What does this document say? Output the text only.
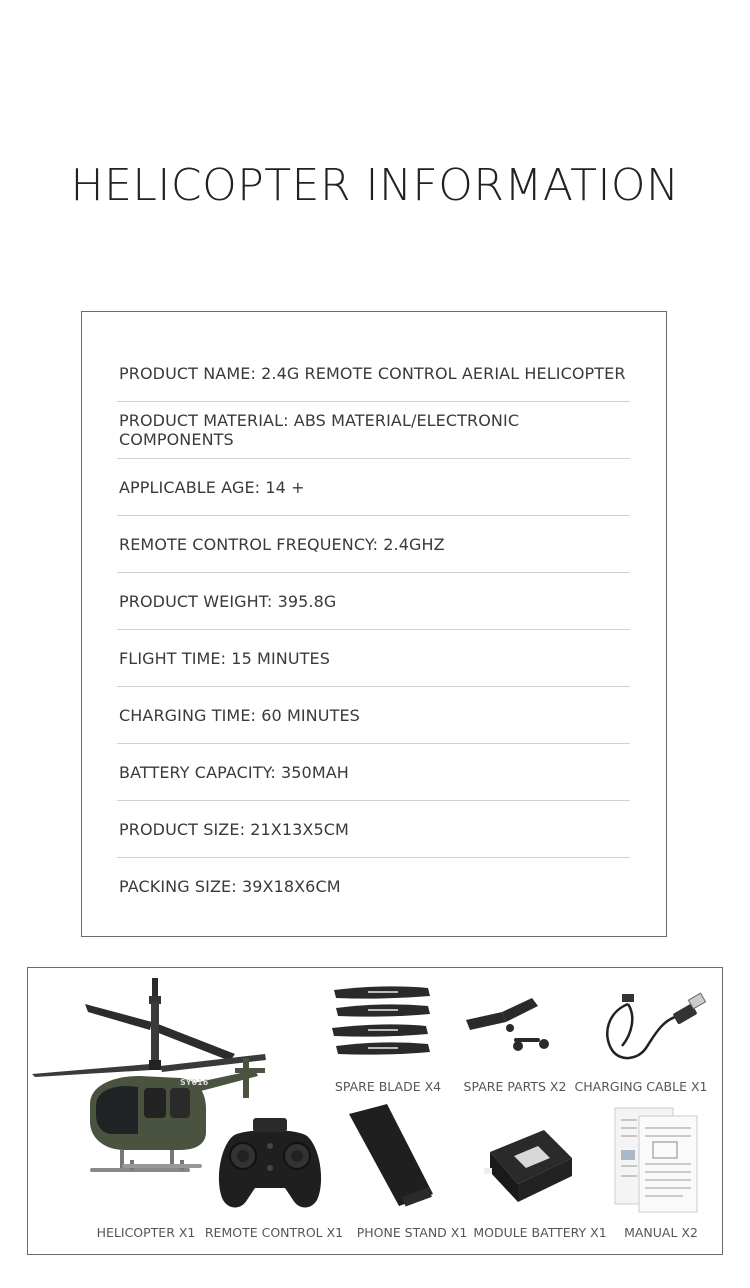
HELICOPTER INFORMATION
PRODUCT NAME: 2.4G REMOTE CONTROL AERIAL HELICOPTER
PRODUCT MATERIAL: ABS MATERIAL/ELECTRONIC COMPONENTS
APPLICABLE AGE: 14 +
REMOTE CONTROL FREQUENCY: 2.4GHZ
PRODUCT WEIGHT: 395.8G
FLIGHT TIME: 15 MINUTES
CHARGING TIME: 60 MINUTES
BATTERY CAPACITY: 350MAH
PRODUCT SIZE: 21X13X5CM
PACKING SIZE: 39X18X6CM
SY016	SPARE BLADE X4 SPARE PARTS X2 CHARGING CABLE X1
HELICOPTER X1 REMOTE CONTROL X1 PHONE STAND X1 MODULE BATTERY X1 MANUAL X2
